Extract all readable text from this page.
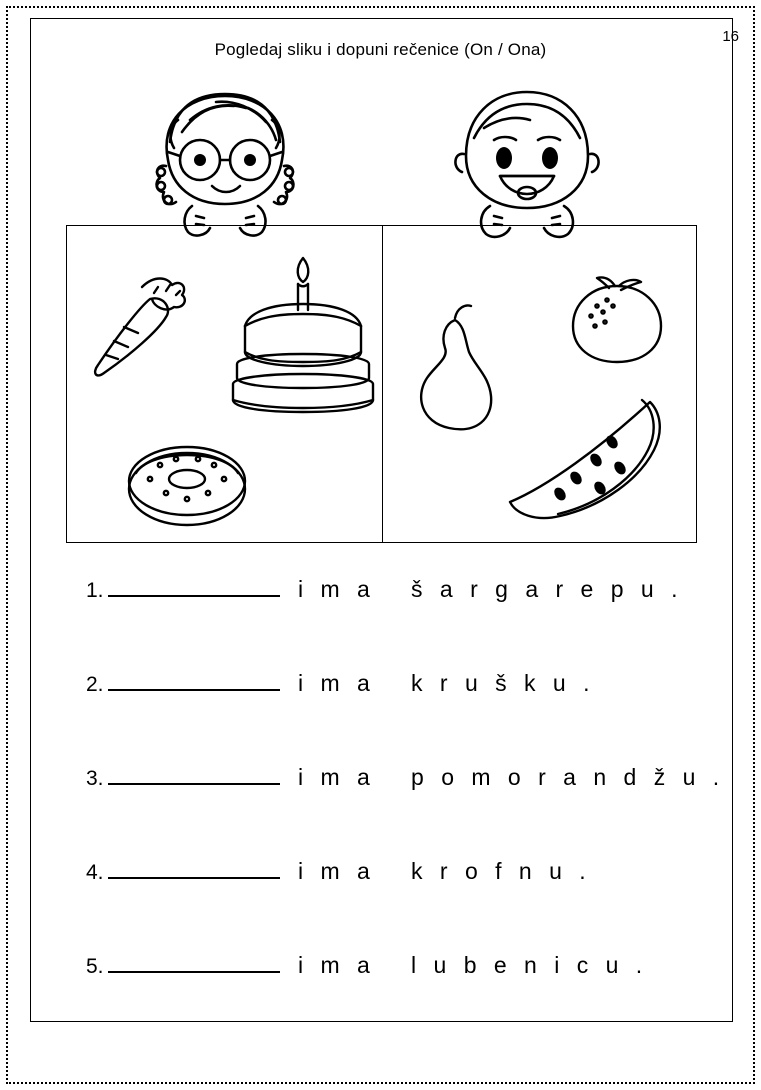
16
Pogledaj sliku i dopuni rečenice (On / Ona)
1.	i m a   š a r g a r e p u .
2.	i m a   k r u š k u .
3.	i m a   p o m o r a n d ž u .
4.	i m a   k r o f n u .
5.	i m a   l u b e n i c u .
